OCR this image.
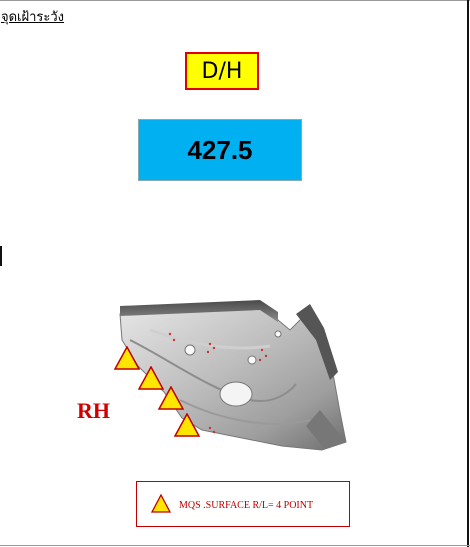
จุดเฝ้าระวัง
D/H
427.5
RH
MQS .SURFACE R/L= 4 POINT
